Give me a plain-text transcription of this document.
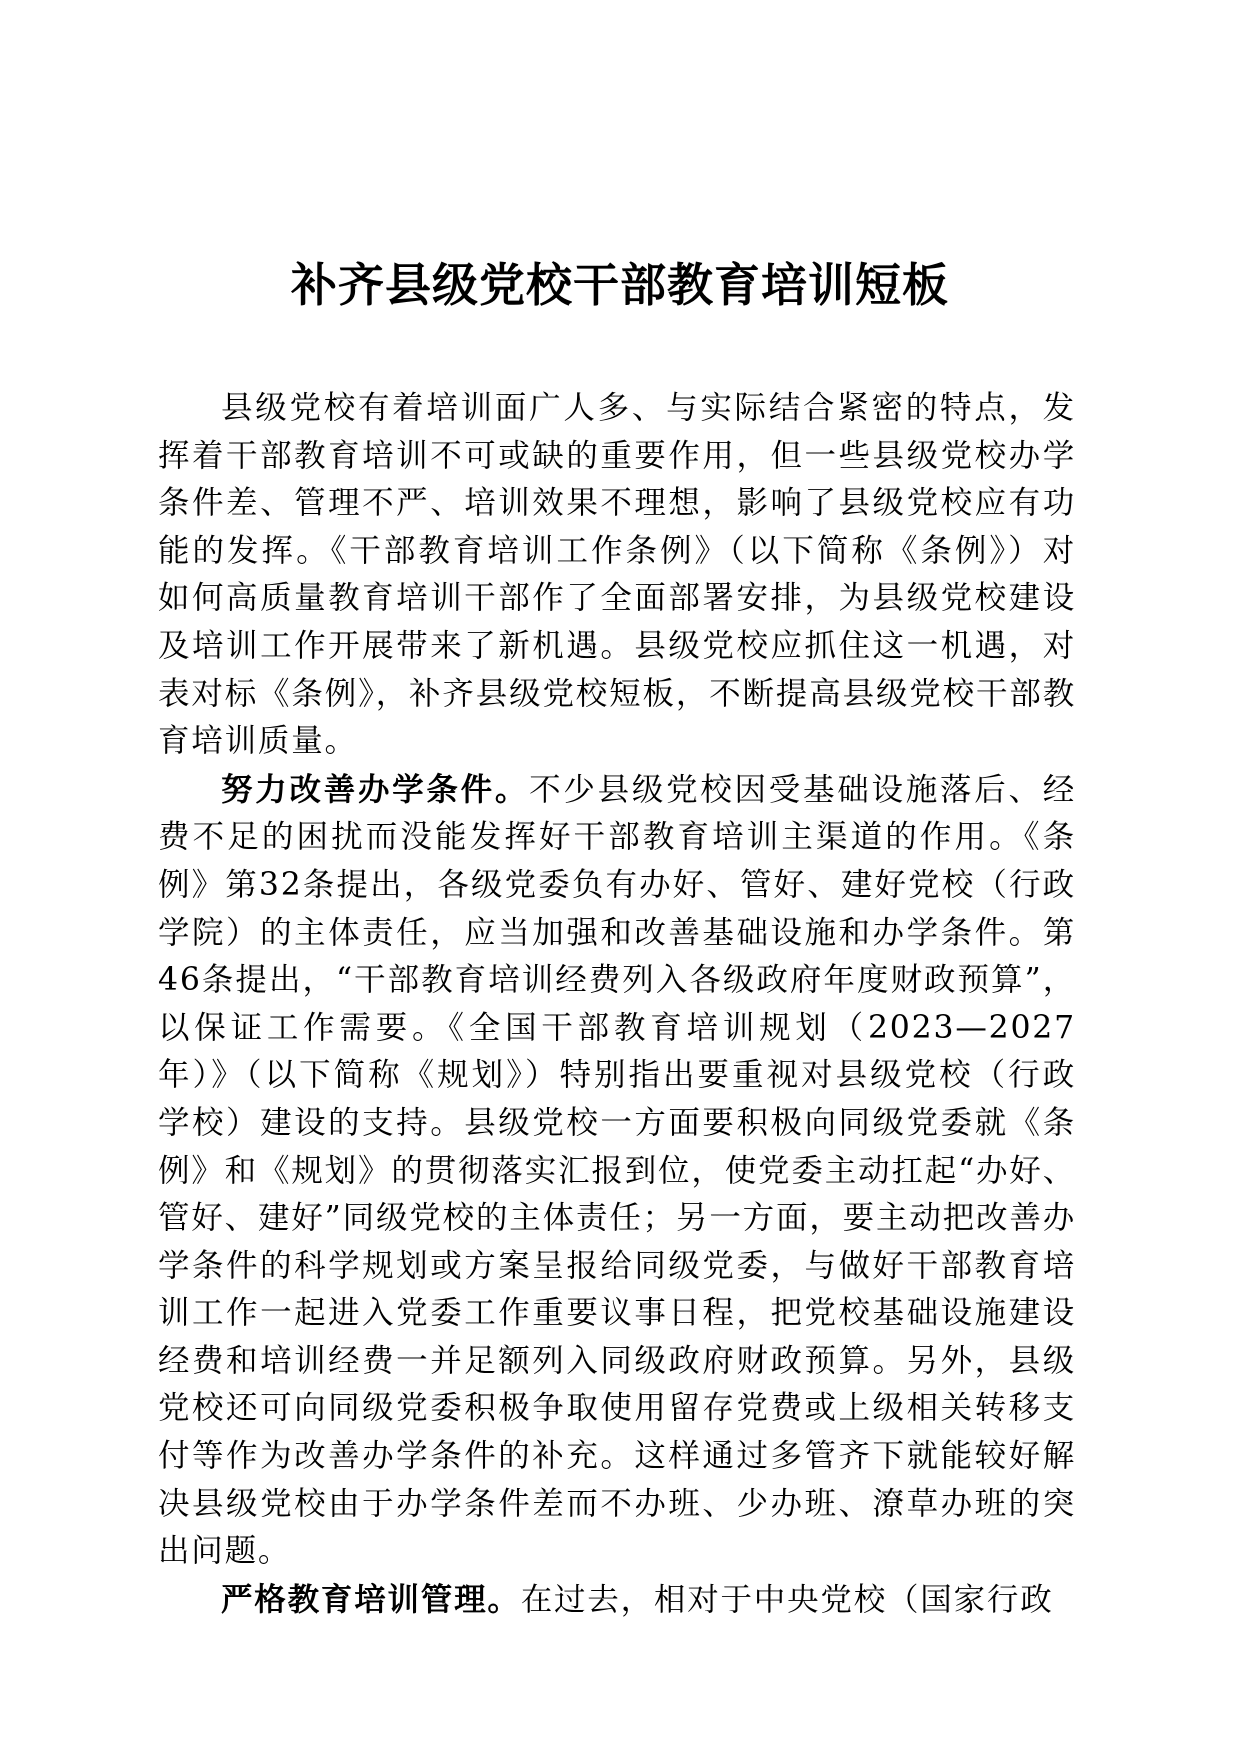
补齐县级党校干部教育培训短板

县级党校有着培训面广人多、与实际结合紧密的特点，发挥着干部教育培训不可或缺的重要作用，但一些县级党校办学条件差、管理不严、培训效果不理想，影响了县级党校应有功能的发挥。《干部教育培训工作条例》（以下简称《条例》）对如何高质量教育培训干部作了全面部署安排，为县级党校建设及培训工作开展带来了新机遇。县级党校应抓住这一机遇，对表对标《条例》，补齐县级党校短板，不断提高县级党校干部教育培训质量。

努力改善办学条件。不少县级党校因受基础设施落后、经费不足的困扰而没能发挥好干部教育培训主渠道的作用。《条例》第32条提出，各级党委负有办好、管好、建好党校（行政学院）的主体责任，应当加强和改善基础设施和办学条件。第46条提出，“干部教育培训经费列入各级政府年度财政预算”，以保证工作需要。《全国干部教育培训规划（2023—2027年）》（以下简称《规划》）特别指出要重视对县级党校（行政学校）建设的支持。县级党校一方面要积极向同级党委就《条例》和《规划》的贯彻落实汇报到位，使党委主动扛起“办好、管好、建好”同级党校的主体责任；另一方面，要主动把改善办学条件的科学规划或方案呈报给同级党委，与做好干部教育培训工作一起进入党委工作重要议事日程，把党校基础设施建设经费和培训经费一并足额列入同级政府财政预算。另外，县级党校还可向同级党委积极争取使用留存党费或上级相关转移支付等作为改善办学条件的补充。这样通过多管齐下就能较好解决县级党校由于办学条件差而不办班、少办班、潦草办班的突出问题。

严格教育培训管理。在过去，相对于中央党校（国家行政
